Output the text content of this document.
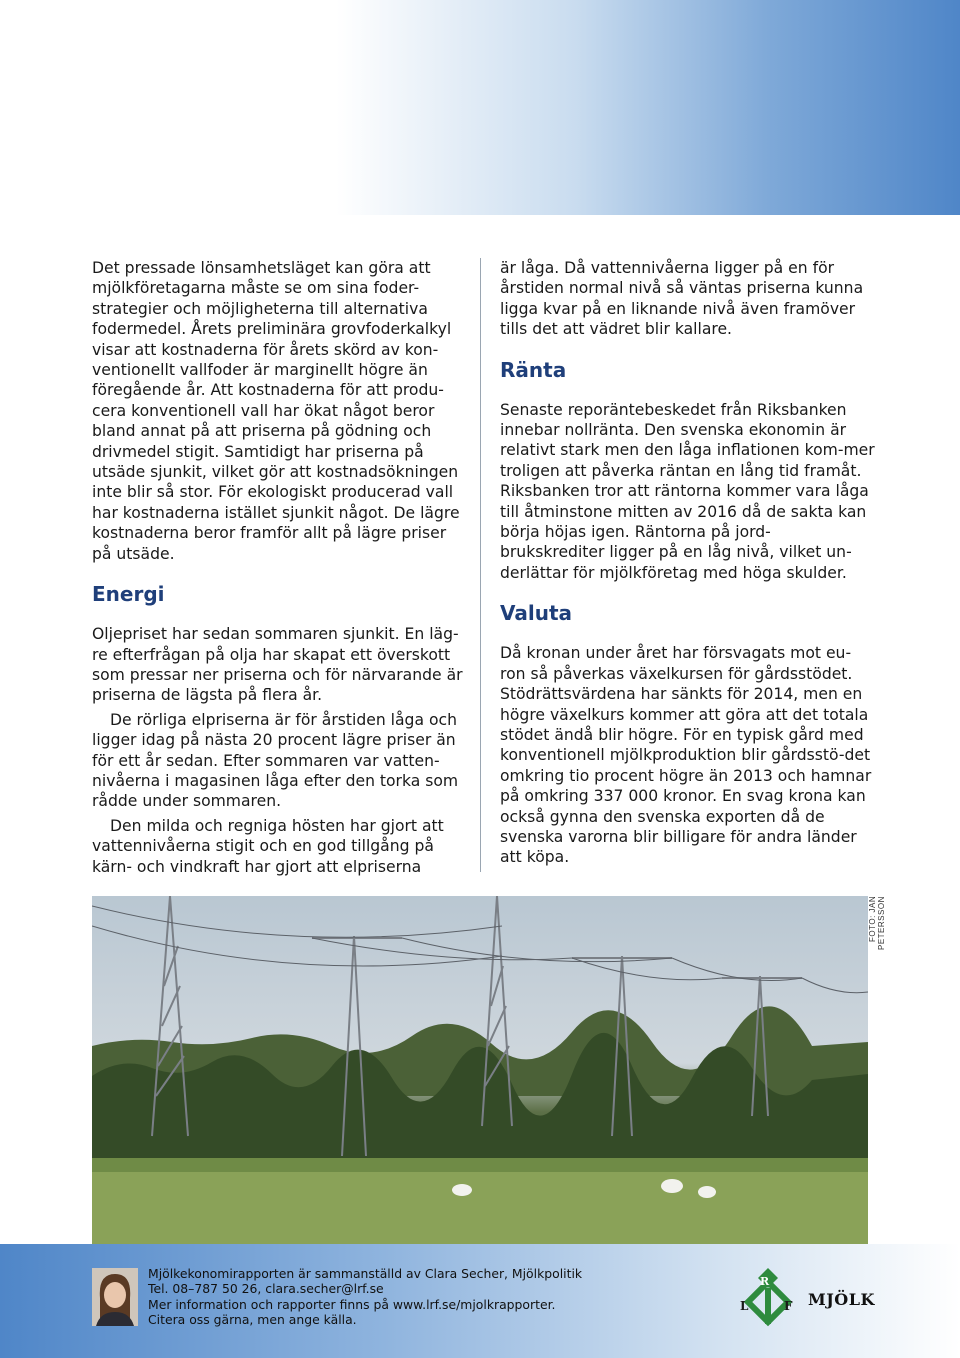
Det pressade lönsamhetsläget kan göra att mjölkföretagarna måste se om sina foder-strategier och möjligheterna till alternativa fodermedel. Årets preliminära grovfoderkalkyl visar att kostnaderna för årets skörd av kon-ventionellt vallfoder är marginellt högre än föregående år. Att kostnaderna för att produ-cera konventionell vall har ökat något beror bland annat på att priserna på gödning och drivmedel stigit. Samtidigt har priserna på utsäde sjunkit, vilket gör att kostnadsökningen inte blir så stor. För ekologiskt producerad vall har kostnaderna istället sjunkit något. De lägre kostnaderna beror framför allt på lägre priser på utsäde.

Energi

Oljepriset har sedan sommaren sjunkit. En läg-re efterfrågan på olja har skapat ett överskott som pressar ner priserna och för närvarande är priserna de lägsta på flera år.

De rörliga elpriserna är för årstiden låga och ligger idag på nästa 20 procent lägre priser än för ett år sedan. Efter sommaren var vatten-nivåerna i magasinen låga efter den torka som rådde under sommaren.

Den milda och regniga hösten har gjort att vattennivåerna stigit och en god tillgång på kärn- och vindkraft har gjort att elpriserna

är låga. Då vattennivåerna ligger på en för årstiden normal nivå så väntas priserna kunna ligga kvar på en liknande nivå även framöver tills det att vädret blir kallare.

Ränta

Senaste reporäntebeskedet från Riksbanken innebar nollränta. Den svenska ekonomin är relativt stark men den låga inflationen kom-mer troligen att påverka räntan en lång tid framåt. Riksbanken tror att räntorna kommer vara låga till åtminstone mitten av 2016 då de sakta kan börja höjas igen. Räntorna på jord-brukskrediter ligger på en låg nivå, vilket un-derlättar för mjölkföretag med höga skulder.

Valuta

Då kronan under året har försvagats mot eu-ron så påverkas växelkursen för gårdsstödet. Stödrättsvärdena har sänkts för 2014, men en högre växelkurs kommer att göra att det totala stödet ändå blir högre. För en typisk gård med konventionell mjölkproduktion blir gårdsstö-det omkring tio procent högre än 2013 och hamnar på omkring 337 000 kronor. En svag krona kan också gynna den svenska exporten då de svenska varorna blir billigare för andra länder att köpa.

FOTO: JAN PETERSSON
Mjölkekonomirapporten är sammanställd av Clara Secher, Mjölkpolitik
Tel. 08–787 50 26, clara.secher@lrf.se
Mer information och rapporter finns på www.lrf.se/mjolkrapporter.
Citera oss gärna, men ange källa.
R
L	F MJÖLK
